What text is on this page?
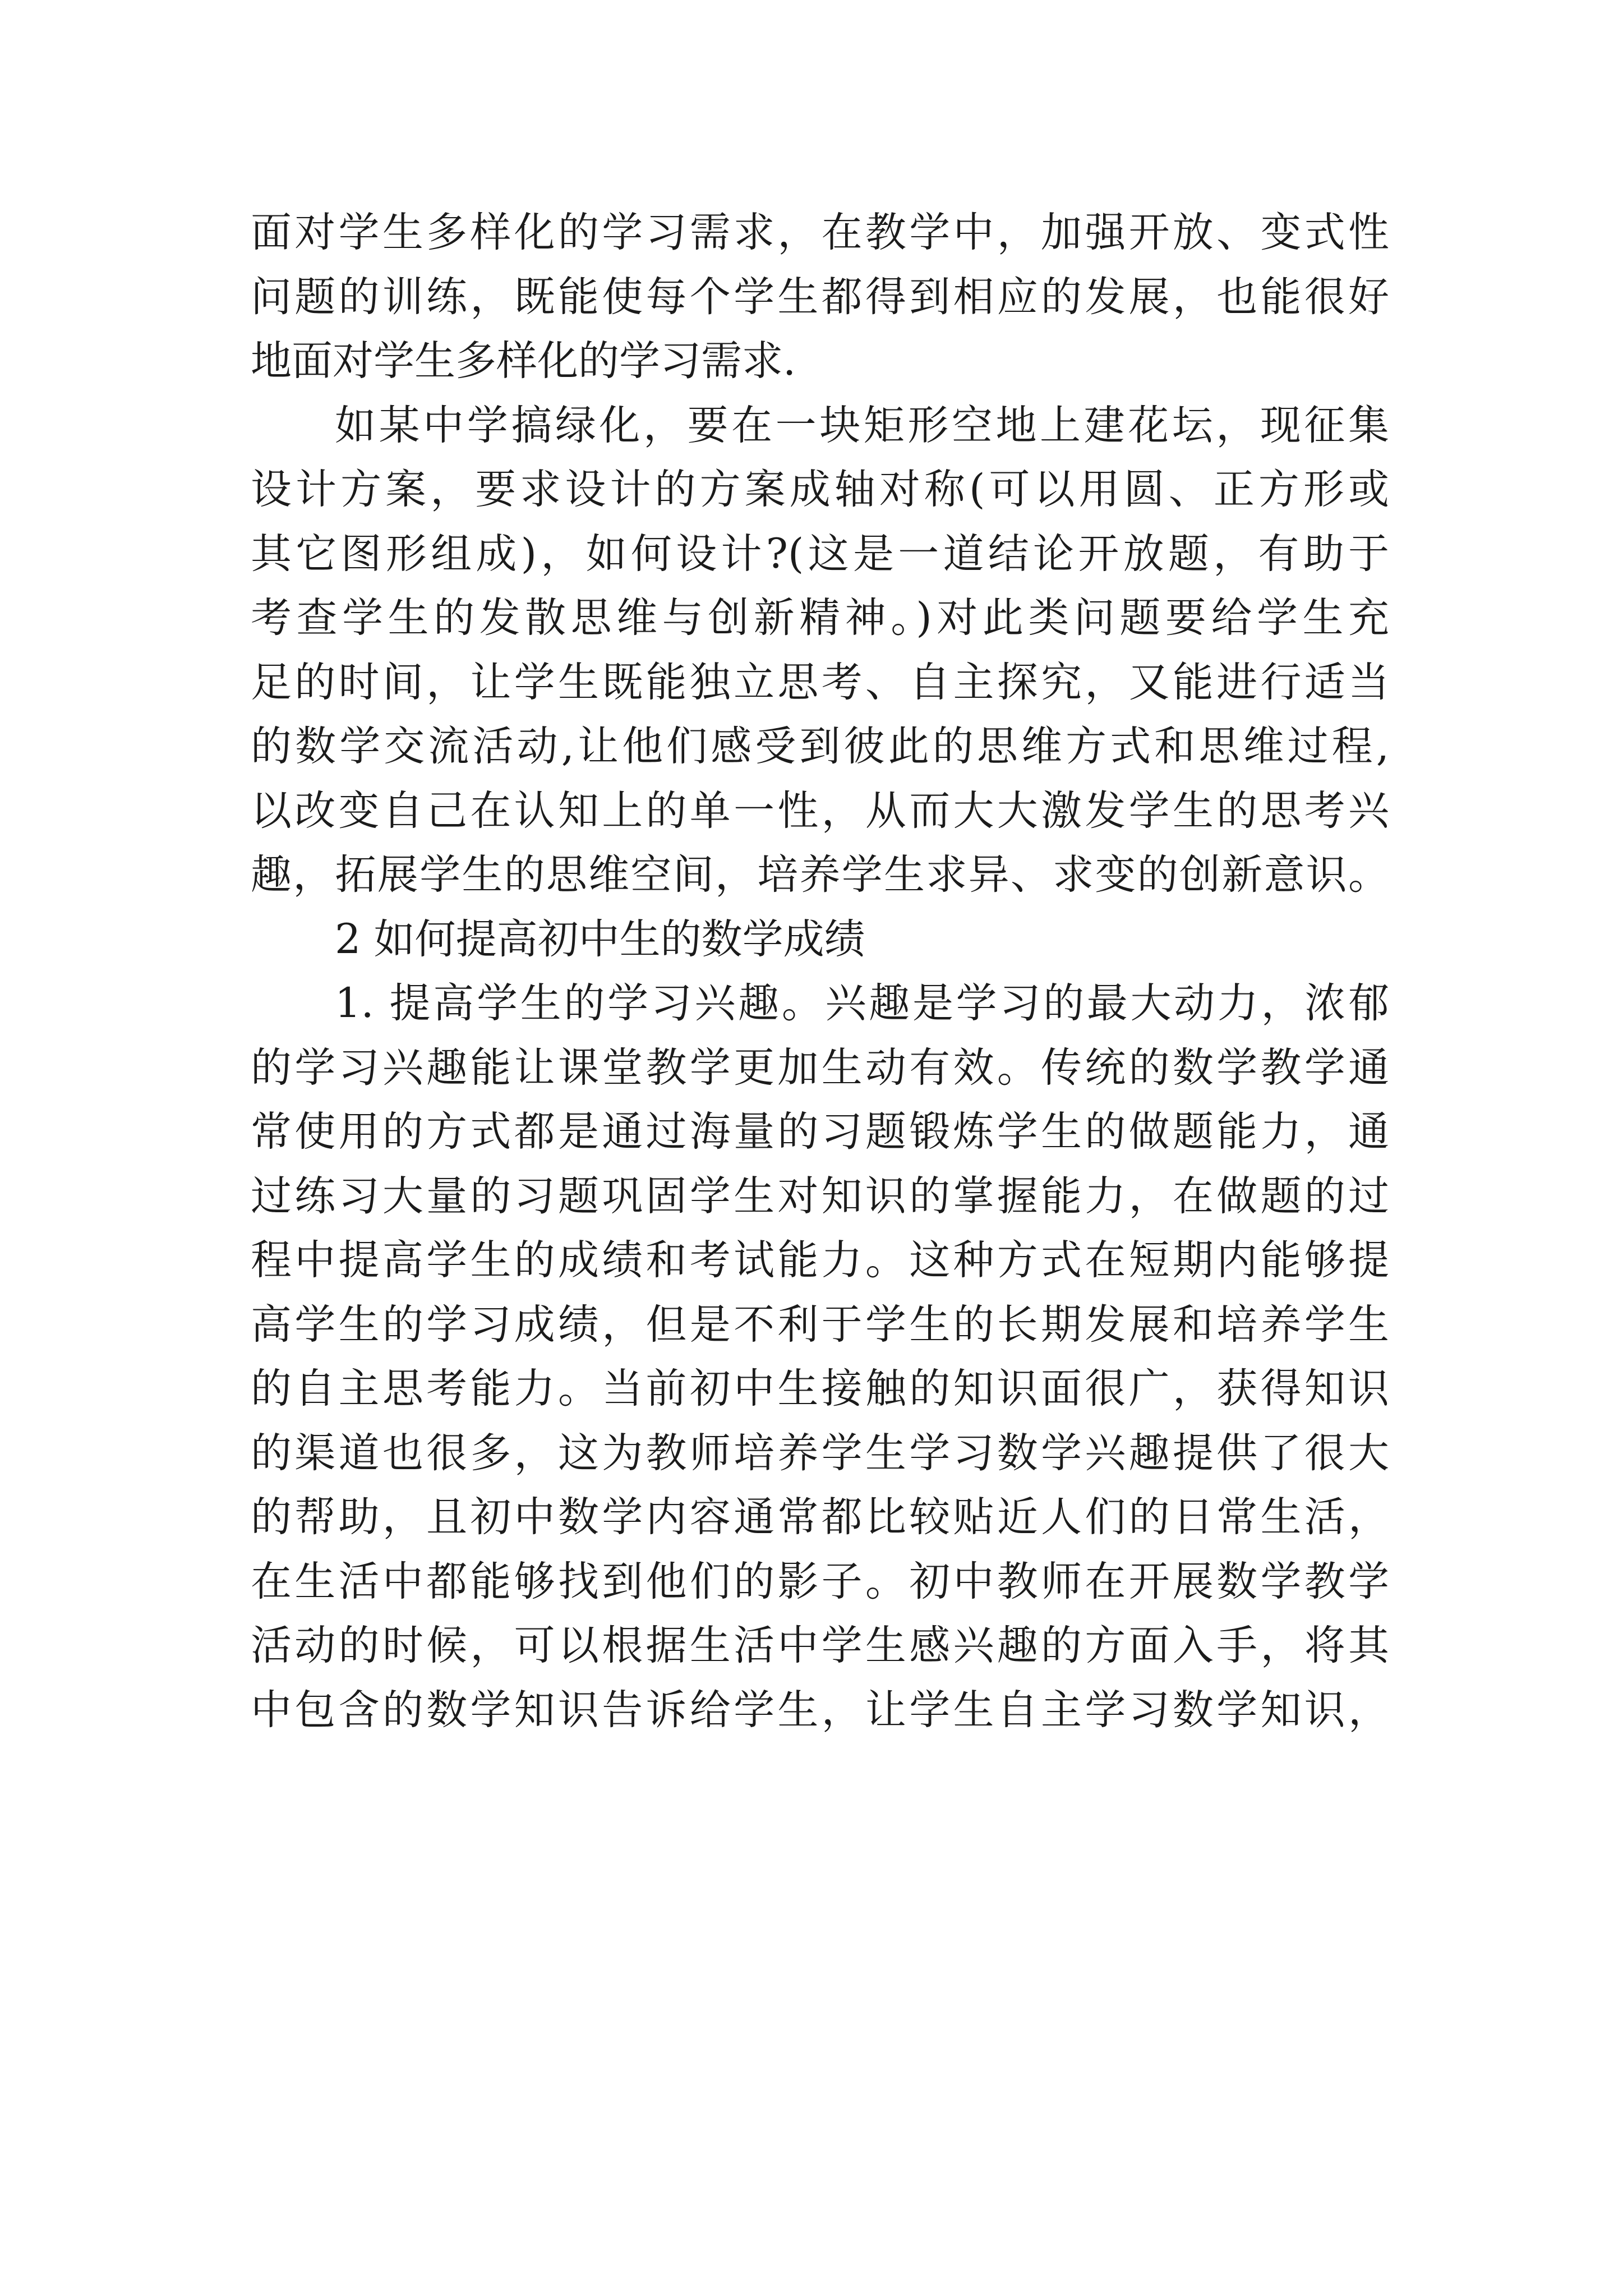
面对学生多样化的学习需求，在教学中，加强开放、变式性
问题的训练，既能使每个学生都得到相应的发展，也能很好
地面对学生多样化的学习需求.
如某中学搞绿化，要在一块矩形空地上建花坛，现征集
设计方案，要求设计的方案成轴对称(可以用圆、正方形或
其它图形组成)，如何设计?(这是一道结论开放题，有助于
考查学生的发散思维与创新精神。)对此类问题要给学生充
足的时间，让学生既能独立思考、自主探究，又能进行适当
的数学交流活动,让他们感受到彼此的思维方式和思维过程,
以改变自己在认知上的单一性，从而大大激发学生的思考兴
趣，拓展学生的思维空间，培养学生求异、求变的创新意识。
2 如何提高初中生的数学成绩
1. 提高学生的学习兴趣。兴趣是学习的最大动力，浓郁
的学习兴趣能让课堂教学更加生动有效。传统的数学教学通
常使用的方式都是通过海量的习题锻炼学生的做题能力，通
过练习大量的习题巩固学生对知识的掌握能力，在做题的过
程中提高学生的成绩和考试能力。这种方式在短期内能够提
高学生的学习成绩，但是不利于学生的长期发展和培养学生
的自主思考能力。当前初中生接触的知识面很广，获得知识
的渠道也很多，这为教师培养学生学习数学兴趣提供了很大
的帮助，且初中数学内容通常都比较贴近人们的日常生活，
在生活中都能够找到他们的影子。初中教师在开展数学教学
活动的时候，可以根据生活中学生感兴趣的方面入手，将其
中包含的数学知识告诉给学生，让学生自主学习数学知识，
